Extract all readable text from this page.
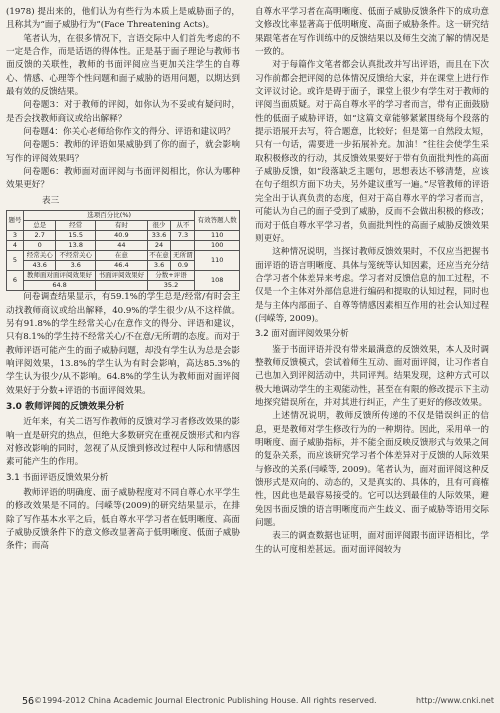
(1978) 提出来的，他们认为有些行为本质上是威胁面子的，且称其为“面子威胁行为”(Face Threatening Acts)。

笔者认为，在很多情况下，言语交际中人们首先考虑的不一定是合作，而是话语的得体性。正是基于面子理论与教师书面反馈的关联性，教师的书面评阅应当更加关注学生的自尊心、情感、心理等个性问题和面子威胁的语用问题，以期达到最有效的反馈结果。

问卷题3：对于教师的评阅，如你认为不妥或有疑问时，是否会找教师商议或给出解释？

问卷题4：你关心老师给你作文的得分、评语和建议吗？

问卷题5：教师的评语如果威胁到了你的面子，就会影响写作的评阅效果吗？

问卷题6：教师面对面评阅与书面评阅相比，你认为哪种效果更好？

表三
题号	选项百分比(%)					有效答题人数
	总是	经常	有时	很少	从不	
3	2.7	15.5	40.9	33.6	7.3	110
4	0	13.8	44	24		100
5	经常关心	不经常关心	在意	不在意	无所谓	110
	43.6	3.6	46.4	3.6	0.9	
6	教师面对面评阅效果好		书面评阅效果好	分数+评语		108
	64.8			35.2		

问卷调查结果显示，有59.1%的学生总是/经常/有时会主动找教师商议或给出解释，40.9%的学生很少/从不这样做。另有91.8%的学生经常关心/在意作文的得分、评语和建议，只有8.1%的学生持不经常关心/不在意/无所谓的态度。而对于教师评语可能产生的面子威胁问题，却没有学生认为总是会影响评阅效果，13.8%的学生认为有时会影响，高达85.3%的学生认为很少/从不影响。64.8%的学生认为教师面对面评阅效果好于分数+评语的书面评阅效果。

3.0 教师评阅的反馈效果分析

近年来，有关二语写作教师的反馈对学习者修改效果的影响一直是研究的热点，但绝大多数研究在重视反馈形式和内容对修改影响的同时，忽视了从反馈到修改过程中人际和情感因素可能产生的作用。

3.1 书面评语反馈效果分析

教师评语的明确度、面子威胁程度对不同自尊心水平学生的修改效果是不同的。闫嵘等(2009)的研究结果显示，在排除了写作基本水平之后，低自尊水平学习者在低明晰度、高面子威胁反馈条件下的意文修改显著高于低明晰度、低面子威胁条件；而高

自尊水平学习者在高明晰度、低面子威胁反馈条件下的成功意文修改比率显著高于低明晰度、高面子威胁条件。这一研究结果跟笔者在写作训练中的反馈结果以及师生交流了解的情况是一致的。

对于每篇作文笔者都会认真批改并写出评语，而且在下次习作前都会把评阅的总体情况反馈给大家，并在课堂上进行作文评议讨论。或许是碍于面子，课堂上很少有学生对于教师的评阅当面质疑。对于高自尊水平的学习者而言，带有正面鼓励性的低面子威胁评语，如“这篇文章能够紧紧围绕每个段落的提示语展开去写，符合题意，比较好；但是第一自然段太短，只有一句话，需要进一步拓展补充。加油！”往往会使学生采取积极修改的行动，其反馈效果要好于带有负面批判性的高面子威胁反馈，如“段落缺乏主题句，思想表达不够清楚，应该在句子组织方面下功夫，另外建议重写一遍。”尽管教师的评语完全出于认真负责的态度，但对于高自尊水平的学习者而言，可能认为自己的面子受到了威胁，反而不会做出积极的修改；而对于低自尊水平学习者，负面批判性的高面子威胁反馈效果则更好。

这种情况说明，当探讨教师反馈效果时，不仅应当把握书面评语的语言明晰度、具体与笼统等认知因素，还应当充分结合学习者个体差异来考虑。学习者对反馈信息的加工过程，不仅是一个主体对外部信息进行编码和提取的认知过程，同时也是与主体内部面子、自尊等情感因素相互作用的社会认知过程(闫嵘等, 2009)。

3.2 面对面评阅效果分析

鉴于书面评语并没有带来最满意的反馈效果，本人及时调整教师反馈模式，尝试着师生互动、面对面评阅，让习作者自己也加入到评阅活动中，共同评判。结果发现，这种方式可以极大地调动学生的主观能动性，甚至在有限的修改提示下主动地探究错误所在，并对其进行纠正，产生了更好的修改效果。

上述情况说明，教师反馈所传递的不仅是错误纠正的信息，更是教师对学生修改行为的一种期待。因此，采用单一的明晰度、面子威胁指标，并不能全面反映反馈形式与效果之间的复杂关系，而应该研究学习者个体差异对于反馈的人际效果与修改的关系(闫嵘等, 2009)。笔者认为，面对面评阅这种反馈形式是双向的、动态的，又是真实的、具体的，且有可商榷性，因此也是最容易接受的。它可以达到最佳的人际效果，避免因书面反馈的语言明晰度而产生歧义、面子威胁等语用交际问题。

表三的调查数据也证明，面对面评阅跟书面评语相比，学生的认可度相差甚远。面对面评阅较为

56 ©1994-2012 China Academic Journal Electronic Publishing House. All rights reserved.	http://www.cnki.net
